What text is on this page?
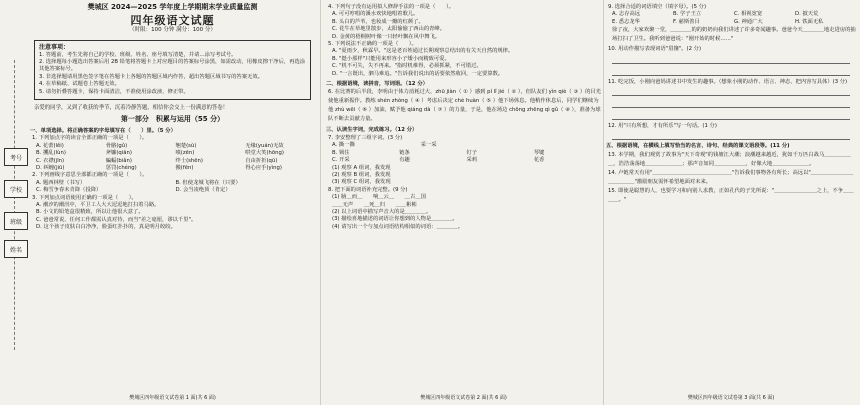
考号
学校
班级
姓名
樊城区 2024—2025 学年度上学期期末学业质量监测
四年级语文试题
（时限：100 分钟 满分：100 分）
注意事项：

1. 答题前，考生先将自己的学校、班级、姓名、座号填写清楚，并请…涂写考试号。

2. 选择题每小题选出答案后用 2B 铅笔将答题卡上对应题目的答案标号涂黑，如需改动，用橡皮擦干净后，再选涂其他答案标号。

3. 非选择题请用黑色签字笔在答题卡上各题的答题区域内作答，超出答题区域书写的答案无效。

4. 在草稿纸、试题卷上答题无效。

5. 请勿折叠答题卡，保持卡面清洁，不准使用涂改液、修正带。

亲爱的同学，又到了收获的季节，沉着冷静答题，相信你会交上一份满意的答卷！
第一部分　积累与运用（55 分）
一、单项选择。将正确答案的字母填写在（　　）里。（5 分）
1. 下列加点字的读音全部正确的一项是（　　）。
A. 花蕾(lěi)	骨骼(gǔ)	翘楚(sù)	无缘(yuán)无故
B. 攫乱(lùn)	斧镰(qiān)	嗔(zēn)	哄堂大笑(hōng)
C. 衣襟(jīn)	蝙蝠(biǎn)	绊士(shēn)	自由折折(qū)
D. 纠缠(jiū)	惩罚(chéng)	搬(fēn)	得心应手(yìng)
2. 下列画线字意思全部都正确的一项是（　　）。
A. 题西林壁（书写）	B. 但使龙城飞将在（只要）
C. 梅雪争春未肯降（投降）	D. 会当凌绝顶（肯定）
3. 下列加点词语使用正确的一项是（　　）。
A. 潮汐的潮汛中，平卫工人大大逗逗地打扫着马路。
B. 小文的铅笔盒很精致，所以让他很大意了。
C. 爸爸常说，任何工作都需认真对待，而当"差之毫厘，谬以千里"。
D. 这个孩子皮肤白白净净，脸蛋红扑扑的，真是明月皎皎。
樊城区四年级语文试卷第 1 面(共 6 面)
4. 下列句子没有运用拟人修辞手法的一项是（　　）。
A. 可可哼唱的溪水欢快地唱着歌儿。
B. 头白的芦苇，也妆成一瓣的红颜了。
C. 花牛在草地里散步，太阳偷偷了西山的青峰。
D. 金黄的梧桐树叶像一只轻叶飘在风中舞飞。
5. 下列说法不正确的一项是（　　）。
A. "夏雨少，秋霖早。"这是老百姓通过长期观察总结出的有关天自然的规律。
B. "挺小那样"只能用来形容小子矮小而精致可爱。
C. "机不可失，失不再来。"指时机难得，必须抓紧，不可错过。
D. "一言既出，驷马难追。"告诉我们说出的话要依然收回，一定要算数。
二、根据语境，读拼音，写词语。（12 分）
6. 在比赛的后半段，李明由于体力消耗过大，zhū jiàn（ ① ）感到 pí lǐ jié（ ② ），但队友们 yìn qiè（ ③ ）的目光使他重新振作。教练 shén zhòng（ ④ ）考虑后决定 chè huàn（ ⑤ ）他下场休息。他稍作休息后，同学们继续为他 zhù wēi（ ⑥ ）加油，赋予他 qiáng dà（ ⑦ ）的力量，于是，他在场边 chōng zhēng qì gǔ（ ⑧ ），准备为球队不断去贡献力量。
三、认读生字词，完成练习。（12 分）
7. 李安整理了三组字词。(3 分)
A. 撕一撕	采一采
B. 锁住	链条	钉子	琴键
C. 开采	有趣	采莉	花香
(1) 观察 A 组词，我发现
(2) 观察 B 组词，我发现
(3) 观察 C 组词，我发现
8. 把下面的词语补充完整。(9 分)
(1) 脑＿而＿　　响＿云＿　　＿古＿国
＿＿无声　　＿死＿归　　＿＿彬彬
(2) 以上词语中描写声音大的是＿＿＿＿。
(3) 描绘喜地描述的词语让你想到的人物是＿＿＿＿。
(4) 请写出一个与加点词语结构相似的词语：＿＿＿＿。
樊城区四年级语文试卷第 2 面(共 6 面)
9. 选择合适的词语填空（填字母）。(5 分)
A. 志存高远	B. 学子王立	C. 相视宽宽	D. 披天荒
E. 悉志龙华	F. 慈斯善目	G. 神通广大	H. 铁面无私
徐了夜，大家欢聚一堂，＿＿＿＿的的奶奶向我们讲述了许多奇闻趣事。爸爸今天＿＿＿＿地走进房的抽场打扫了卫生。我听到爸爸说："刚开始的时候……"
10. 用动作描写表现词语"眉攘"。(2 分)
11. 吃完饭，小刚向爸妈讲述书中发生的趣事。（想象小刚的动作、语言、神态，把内容写具体）(3 分)
12. 用"只有所想，才有所乐"写一句话。(1 分)
五、根据语境，在横线上填写恰当的名言、诗句、经典的课文语段等。(11 分)
13. 本学期，我们观赏了故事为"天下奇观"的钱塘江大潮；浪潮越来越近，犹如千万匹白战马＿＿＿＿＿＿，浩浩荡荡地＿＿＿＿＿＿＿；那声音如同＿＿＿＿＿＿，好像大地＿＿＿＿＿＿＿。
14. 卢链常天有用"＿＿＿＿＿＿＿＿＿＿＿＿＿＿＿"告诉我们事物各有所长；高远以"＿＿＿＿＿＿＿＿＿＿＿＿＿"激励朋友需怀希望地面对未来。
15. 即使是聪慧的人，也要学习和向别人求教，正如孔代的子先所说："＿＿＿＿＿＿＿＿之上，不争＿＿＿＿。"
樊城区四年级语文试卷第 3 面(共 6 面)
